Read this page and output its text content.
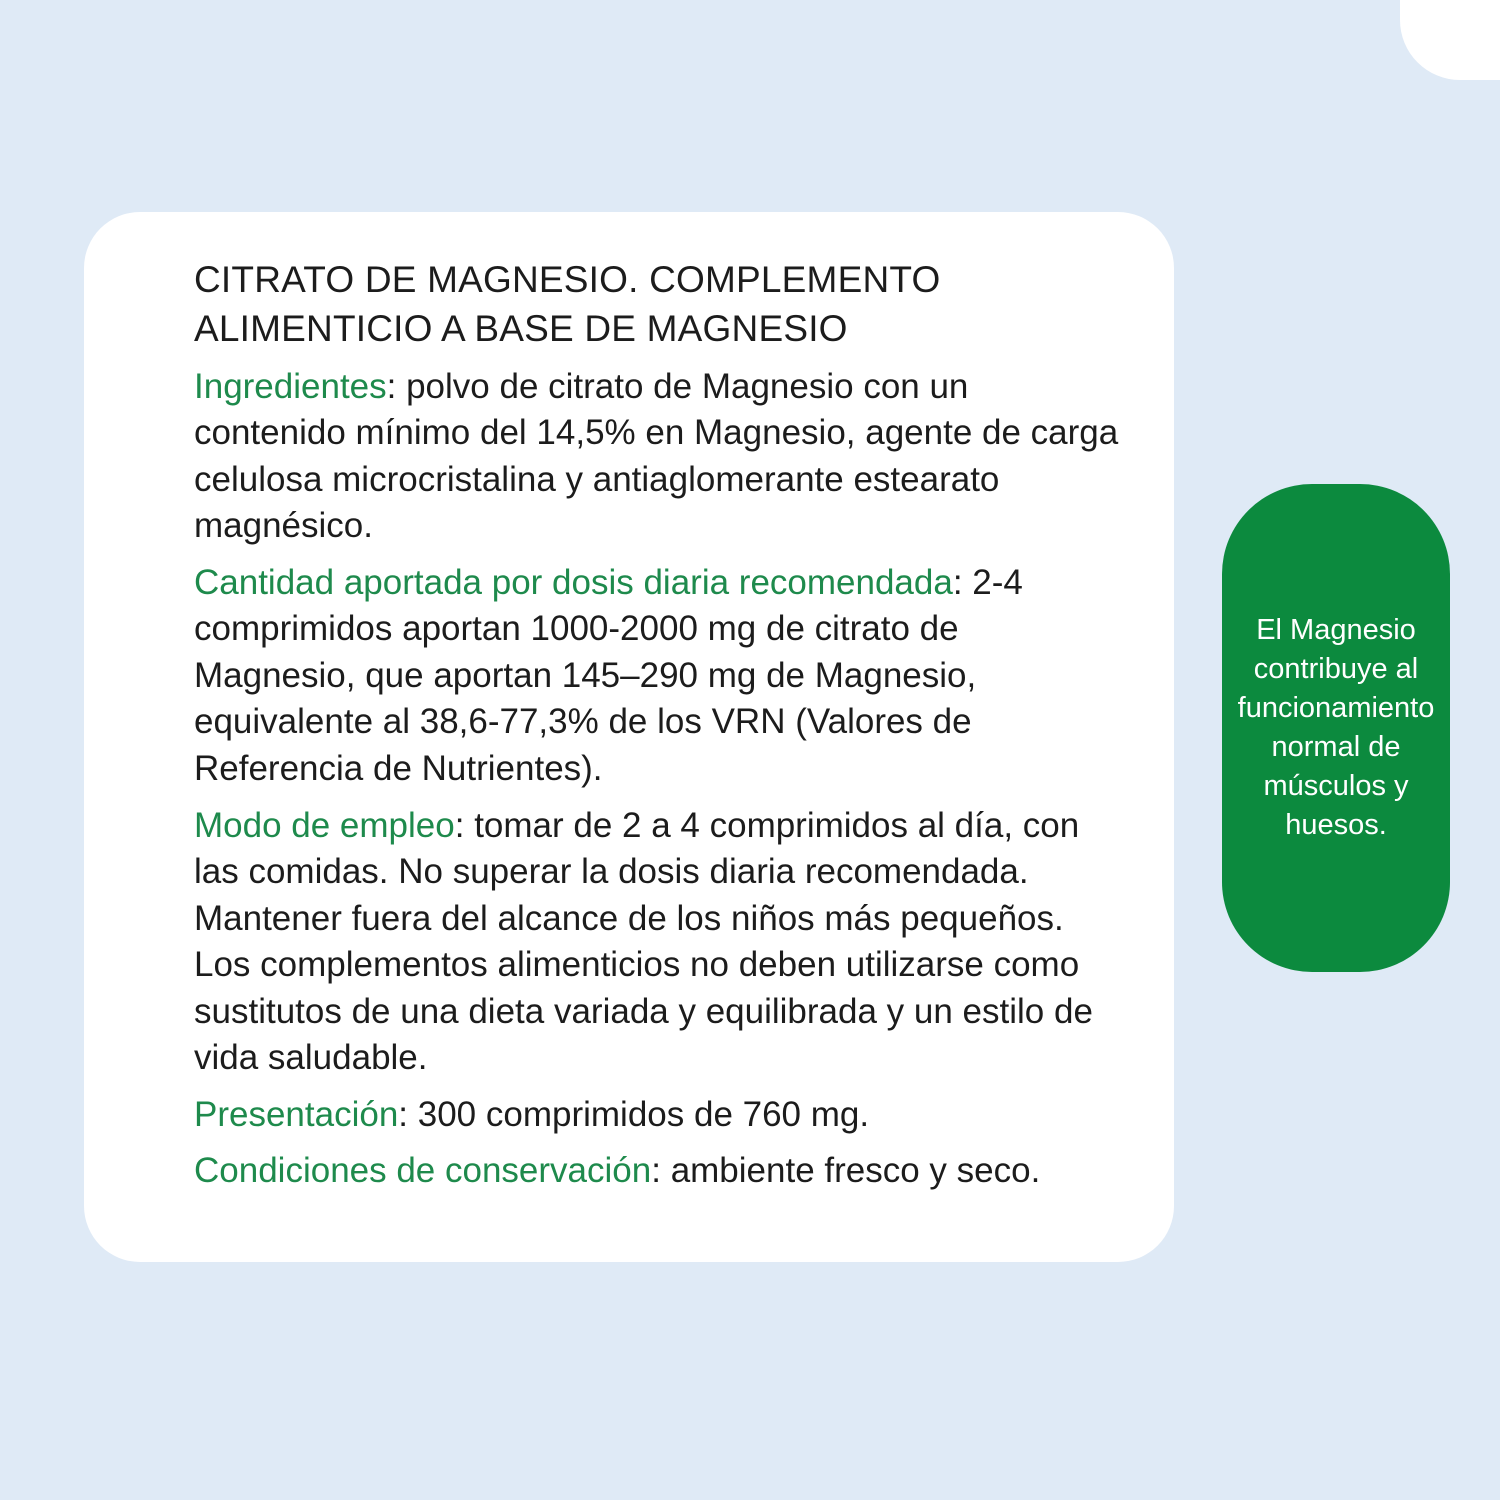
CITRATO DE MAGNESIO. COMPLEMENTO ALIMENTICIO A BASE DE MAGNESIO

Ingredientes: polvo de citrato de Magnesio con un contenido mínimo del 14,5% en Magnesio, agente de carga celulosa microcristalina y antiaglomerante estearato magnésico.

Cantidad aportada por dosis diaria recomendada: 2-4 comprimidos aportan 1000-2000 mg de citrato de Magnesio, que aportan 145–290 mg de Magnesio, equivalente al 38,6-77,3% de los VRN (Valores de Referencia de Nutrientes).

Modo de empleo: tomar de 2 a 4 comprimidos al día, con las comidas. No superar la dosis diaria recomendada. Mantener fuera del alcance de los niños más pequeños. Los complementos alimenticios no deben utilizarse como sustitutos de una dieta variada y equilibrada y un estilo de vida saludable.

Presentación: 300 comprimidos de 760 mg.

Condiciones de conservación: ambiente fresco y seco.

El Magnesio contribuye al funcionamiento normal de músculos y huesos.
